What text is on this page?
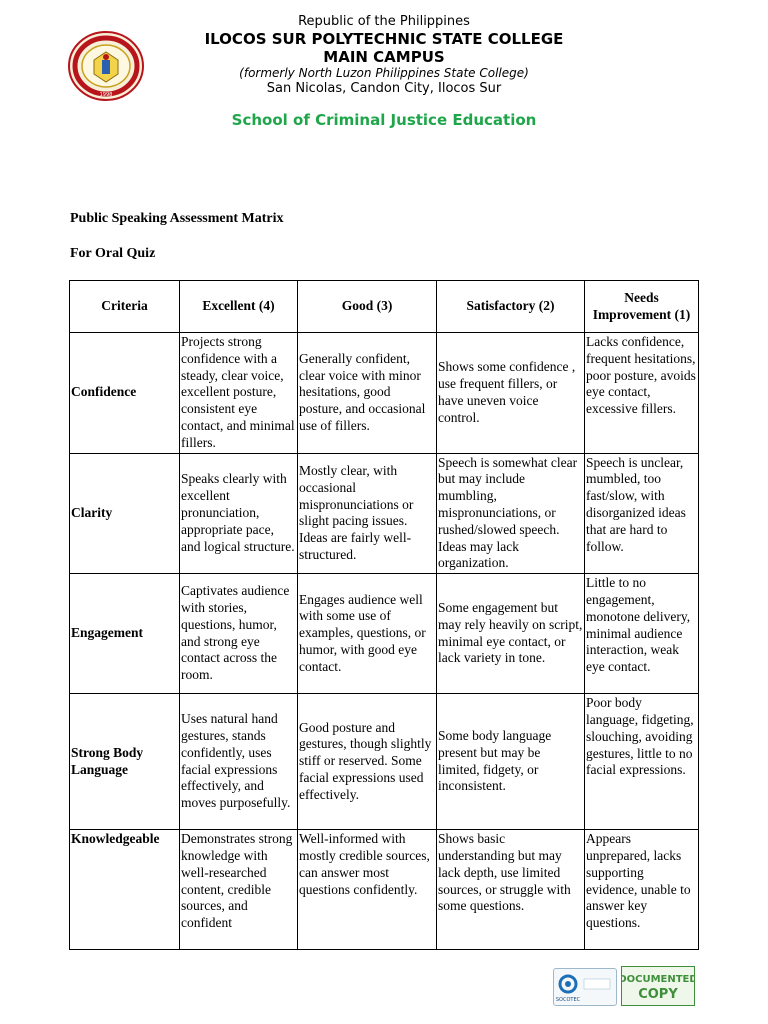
1998
Republic of the Philippines
ILOCOS SUR POLYTECHNIC STATE COLLEGE
MAIN CAMPUS
(formerly North Luzon Philippines State College)
San Nicolas, Candon City, Ilocos Sur
School of Criminal Justice Education
Public Speaking Assessment Matrix
For Oral Quiz
Criteria	Excellent (4)	Good (3)	Satisfactory (2)	Needs Improvement (1)
Confidence	Projects strong confidence with a steady, clear voice, excellent posture, consistent eye contact, and minimal fillers.	Generally confident, clear voice with minor hesitations, good posture, and occasional use of fillers.	Shows some confidence , use frequent fillers, or have uneven voice control.	Lacks confidence, frequent hesitations, poor posture, avoids eye contact, excessive fillers.
Clarity	Speaks clearly with excellent pronunciation, appropriate pace, and logical structure.	Mostly clear, with occasional mispronunciations or slight pacing issues. Ideas are fairly well-structured.	Speech is somewhat clear but may include mumbling, mispronunciations, or rushed/slowed speech. Ideas may lack organization.	Speech is unclear, mumbled, too fast/slow, with disorganized ideas that are hard to follow.
Engagement	Captivates audience with stories, questions, humor, and strong eye contact across the room.	Engages audience well with some use of examples, questions, or humor, with good eye contact.	Some engagement but may rely heavily on script, minimal eye contact, or lack variety in tone.	Little to no engagement, monotone delivery, minimal audience interaction, weak eye contact.
Strong Body Language	Uses natural hand gestures, stands confidently, uses facial expressions effectively, and moves purposefully.	Good posture and gestures, though slightly stiff or reserved. Some facial expressions used effectively.	Some body language present but may be limited, fidgety, or inconsistent.	Poor body language, fidgeting, slouching, avoiding gestures, little to no facial expressions.
Knowledgeable	Demonstrates strong knowledge with well-researched content, credible sources, and confident	Well-informed with mostly credible sources, can answer most questions confidently.	Shows basic understanding but may lack depth, use limited sources, or struggle with some questions.	Appears unprepared, lacks supporting evidence, unable to answer key questions.
SOCOTEC
DOCUMENTED
COPY
